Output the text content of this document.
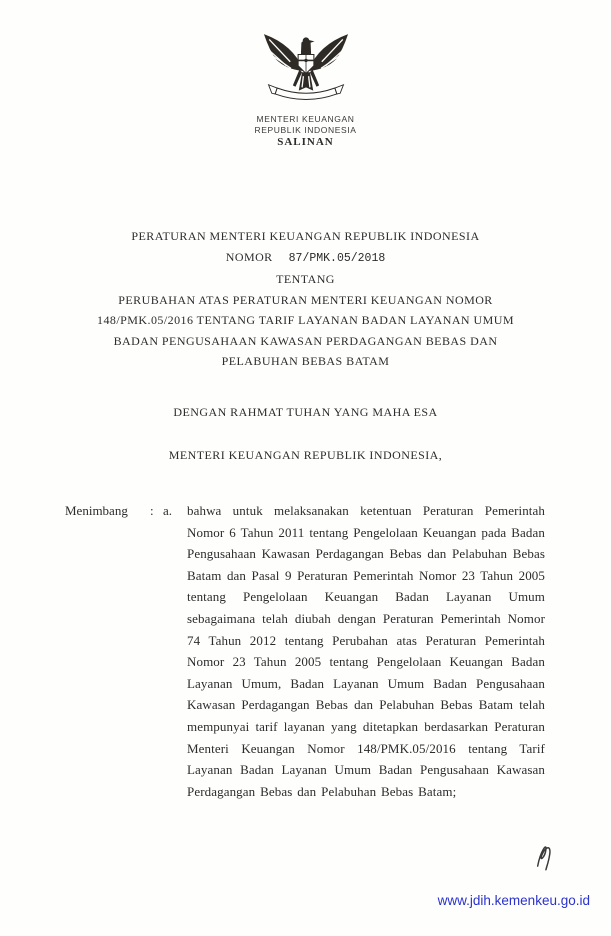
MENTERI KEUANGAN
REPUBLIK INDONESIA
SALINAN
PERATURAN MENTERI KEUANGAN REPUBLIK INDONESIA
NOMOR 87/PMK.05/2018
TENTANG
PERUBAHAN ATAS PERATURAN MENTERI KEUANGAN NOMOR 148/PMK.05/2016 TENTANG TARIF LAYANAN BADAN LAYANAN UMUM BADAN PENGUSAHAAN KAWASAN PERDAGANGAN BEBAS DAN PELABUHAN BEBAS BATAM
DENGAN RAHMAT TUHAN YANG MAHA ESA
MENTERI KEUANGAN REPUBLIK INDONESIA,
Menimbang	: a.	bahwa untuk melaksanakan ketentuan Peraturan Pemerintah Nomor 6 Tahun 2011 tentang Pengelolaan Keuangan pada Badan Pengusahaan Kawasan Perdagangan Bebas dan Pelabuhan Bebas Batam dan Pasal 9 Peraturan Pemerintah Nomor 23 Tahun 2005 tentang Pengelolaan Keuangan Badan Layanan Umum sebagaimana telah diubah dengan Peraturan Pemerintah Nomor 74 Tahun 2012 tentang Perubahan atas Peraturan Pemerintah Nomor 23 Tahun 2005 tentang Pengelolaan Keuangan Badan Layanan Umum, Badan Layanan Umum Badan Pengusahaan Kawasan Perdagangan Bebas dan Pelabuhan Bebas Batam telah mempunyai tarif layanan yang ditetapkan berdasarkan Peraturan Menteri Keuangan Nomor 148/PMK.05/2016 tentang Tarif Layanan Badan Layanan Umum Badan Pengusahaan Kawasan Perdagangan Bebas dan Pelabuhan Bebas Batam;
www.jdih.kemenkeu.go.id
